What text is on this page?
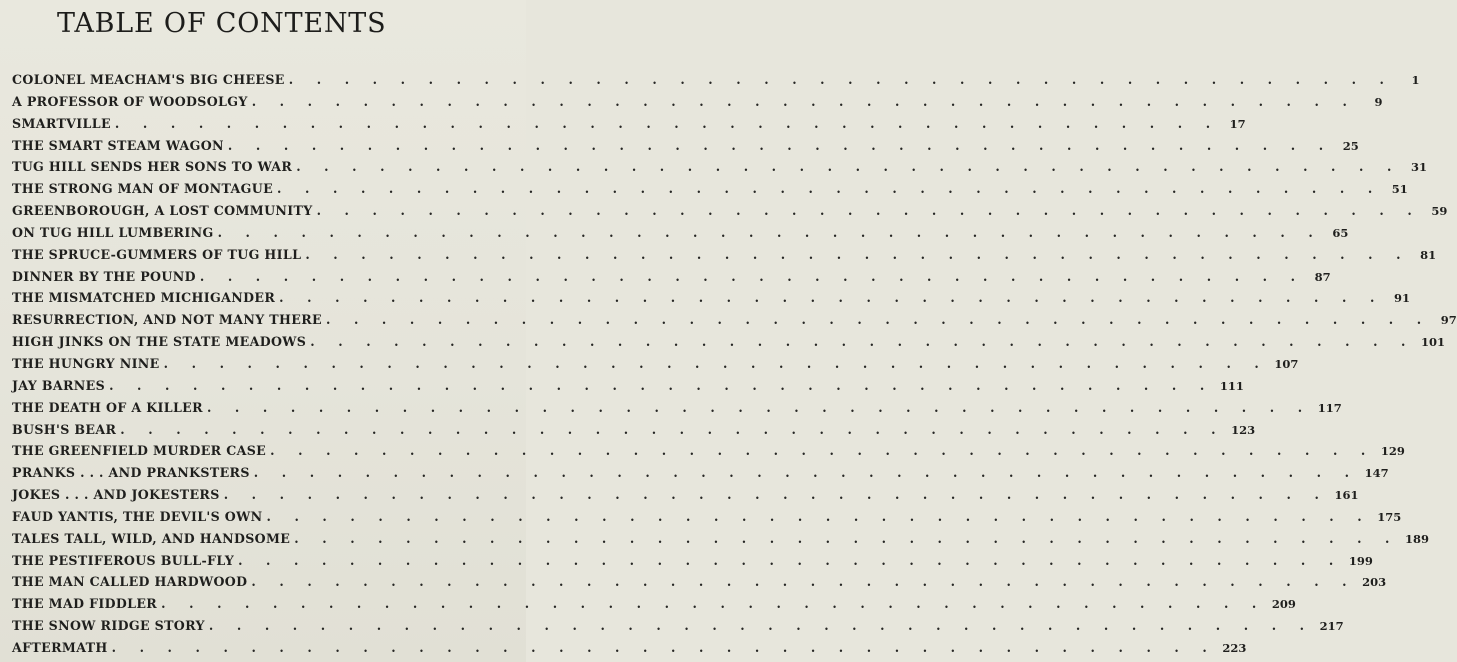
TABLE OF CONTENTS
COLONEL MEACHAM'S BIG CHEESE . . . . . . . . . . . . . . . . . . . . . . . . . . . . . . . . . . . . . . . .	1
A PROFESSOR OF WOODSOLGY . . . . . . . . . . . . . . . . . . . . . . . . . . . . . . . . . . . . . . . .	9
SMARTVILLE . . . . . . . . . . . . . . . . . . . . . . . . . . . . . . . . . . . . . . . . 17
THE SMART STEAM WAGON . . . . . . . . . . . . . . . . . . . . . . . . . . . . . . . . . . . . . . . . 25
TUG HILL SENDS HER SONS TO WAR . . . . . . . . . . . . . . . . . . . . . . . . . . . . . . . . . . . . . . . . 31
THE STRONG MAN OF MONTAGUE . . . . . . . . . . . . . . . . . . . . . . . . . . . . . . . . . . . . . . . . 51
GREENBOROUGH, A LOST COMMUNITY . . . . . . . . . . . . . . . . . . . . . . . . . . . . . . . . . . . . . . . . 59
ON TUG HILL LUMBERING . . . . . . . . . . . . . . . . . . . . . . . . . . . . . . . . . . . . . . . . 65
THE SPRUCE-GUMMERS OF TUG HILL . . . . . . . . . . . . . . . . . . . . . . . . . . . . . . . . . . . . . . . . 81
DINNER BY THE POUND . . . . . . . . . . . . . . . . . . . . . . . . . . . . . . . . . . . . . . . . 87
THE MISMATCHED MICHIGANDER . . . . . . . . . . . . . . . . . . . . . . . . . . . . . . . . . . . . . . . . 91
RESURRECTION, AND NOT MANY THERE . . . . . . . . . . . . . . . . . . . . . . . . . . . . . . . . . . . . . . . . 97
HIGH JINKS ON THE STATE MEADOWS . . . . . . . . . . . . . . . . . . . . . . . . . . . . . . . . . . . . . . . . 101
THE HUNGRY NINE . . . . . . . . . . . . . . . . . . . . . . . . . . . . . . . . . . . . . . . . 107
JAY BARNES . . . . . . . . . . . . . . . . . . . . . . . . . . . . . . . . . . . . . . . . 111
THE DEATH OF A KILLER . . . . . . . . . . . . . . . . . . . . . . . . . . . . . . . . . . . . . . . . 117
BUSH'S BEAR . . . . . . . . . . . . . . . . . . . . . . . . . . . . . . . . . . . . . . . . 123
THE GREENFIELD MURDER CASE . . . . . . . . . . . . . . . . . . . . . . . . . . . . . . . . . . . . . . . . 129
PRANKS . . . AND PRANKSTERS . . . . . . . . . . . . . . . . . . . . . . . . . . . . . . . . . . . . . . . . 147
JOKES . . . AND JOKESTERS . . . . . . . . . . . . . . . . . . . . . . . . . . . . . . . . . . . . . . . . 161
FAUD YANTIS, THE DEVIL'S OWN . . . . . . . . . . . . . . . . . . . . . . . . . . . . . . . . . . . . . . . . 175
TALES TALL, WILD, AND HANDSOME . . . . . . . . . . . . . . . . . . . . . . . . . . . . . . . . . . . . . . . . 189
THE PESTIFEROUS BULL-FLY . . . . . . . . . . . . . . . . . . . . . . . . . . . . . . . . . . . . . . . . 199
THE MAN CALLED HARDWOOD . . . . . . . . . . . . . . . . . . . . . . . . . . . . . . . . . . . . . . . . 203
THE MAD FIDDLER . . . . . . . . . . . . . . . . . . . . . . . . . . . . . . . . . . . . . . . . 209
THE SNOW RIDGE STORY . . . . . . . . . . . . . . . . . . . . . . . . . . . . . . . . . . . . . . . . 217
AFTERMATH . . . . . . . . . . . . . . . . . . . . . . . . . . . . . . . . . . . . . . . . 223
